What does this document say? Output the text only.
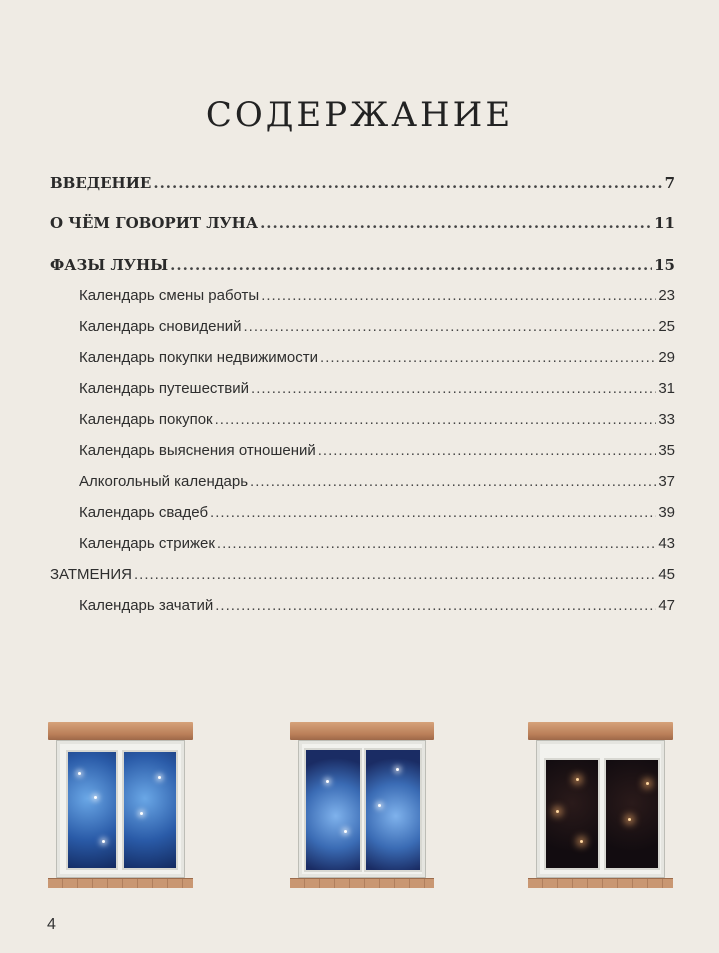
СОДЕРЖАНИЕ
ВВЕДЕНИЕ .....	7
О ЧЁМ ГОВОРИТ ЛУНА .....	11
ФАЗЫ ЛУНЫ .....	15
Календарь смены работы .....	23
Календарь сновидений .....	25
Календарь покупки недвижимости .....	29
Календарь путешествий .....	31
Календарь покупок .....	33
Календарь выяснения отношений .....	35
Алкогольный календарь .....	37
Календарь свадеб .....	39
Календарь стрижек .....	43
ЗАТМЕНИЯ .....	45
Календарь зачатий .....	47
4
